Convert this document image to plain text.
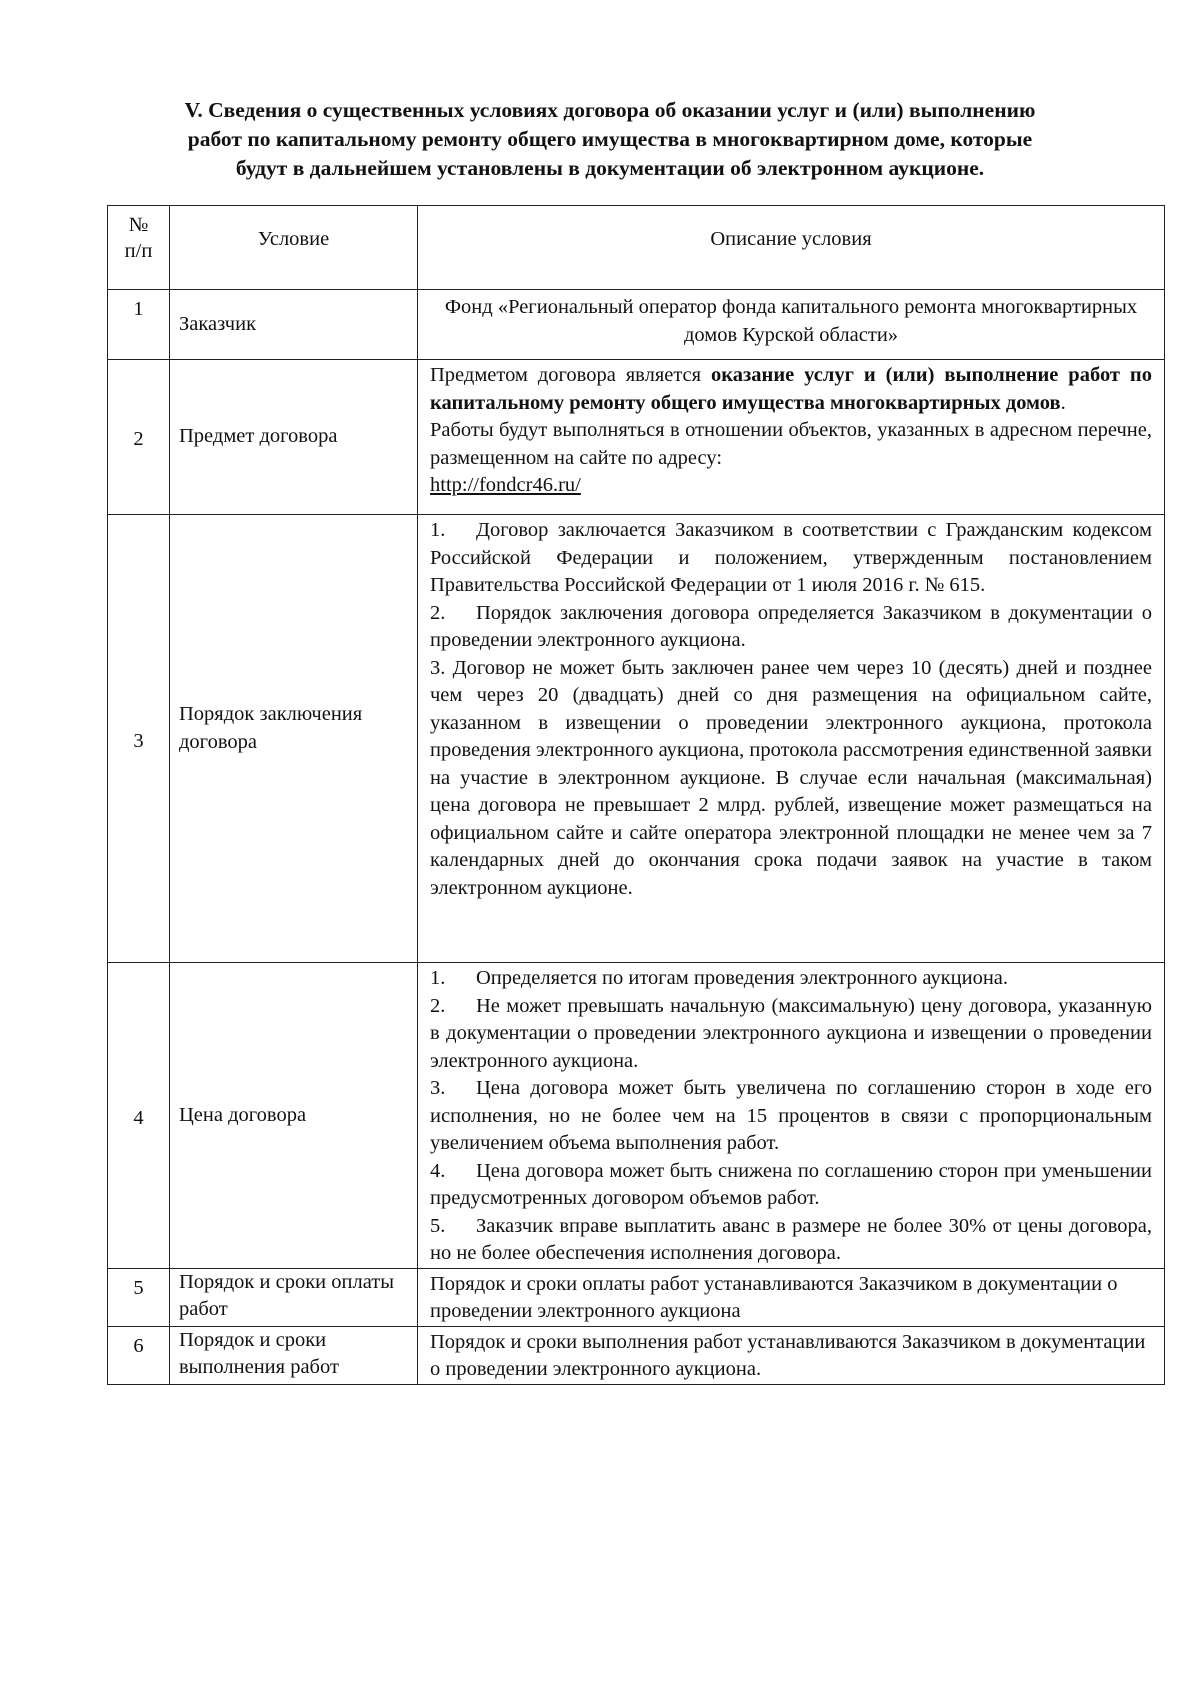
V. Сведения о существенных условиях договора об оказании услуг и (или) выполнению
работ по капитальному ремонту общего имущества в многоквартирном доме, которые
будут в дальнейшем установлены в документации об электронном аукционе.
№
п/п	Условие	Описание условия
1	Заказчик	Фонд «Региональный оператор фонда капитального ремонта многоквартирных домов Курской области»
2	Предмет договора	Предметом договора является оказание услуг и (или) выполнение работ по капитальному ремонту общего имущества многоквартирных домов.
Работы будут выполняться в отношении объектов, указанных в адресном перечне, размещенном на сайте по адресу:
http://fondcr46.ru/

3	Порядок заключения договора	1. Договор заключается Заказчиком в соответствии с Гражданским кодексом Российской Федерации и положением, утвержденным постановлением Правительства Российской Федерации от 1 июля 2016 г. № 615.
2. Порядок заключения договора определяется Заказчиком в документации о проведении электронного аукциона.
3. Договор не может быть заключен ранее чем через 10 (десять) дней и позднее чем через 20 (двадцать) дней со дня размещения на официальном сайте, указанном в извещении о проведении электронного аукциона, протокола проведения электронного аукциона, протокола рассмотрения единственной заявки на участие в электронном аукционе. В случае если начальная (максимальная) цена договора не превышает 2 млрд. рублей, извещение может размещаться на официальном сайте и сайте оператора электронной площадки не менее чем за 7 календарных дней до окончания срока подачи заявок на участие в таком электронном аукционе.

4	Цена договора	1. Определяется по итогам проведения электронного аукциона.
2. Не может превышать начальную (максимальную) цену договора, указанную в документации о проведении электронного аукциона и извещении о проведении электронного аукциона.
3. Цена договора может быть увеличена по соглашению сторон в ходе его исполнения, но не более чем на 15 процентов в связи с пропорциональным увеличением объема выполнения работ.
4. Цена договора может быть снижена по соглашению сторон при уменьшении предусмотренных договором объемов работ.
5. Заказчик вправе выплатить аванс в размере не более 30% от цены договора, но не более обеспечения исполнения договора.

5	Порядок и сроки оплаты работ	Порядок и сроки оплаты работ устанавливаются Заказчиком в документации о проведении электронного аукциона
6	Порядок и сроки выполнения работ	Порядок и сроки выполнения работ устанавливаются Заказчиком в документации о проведении электронного аукциона.
